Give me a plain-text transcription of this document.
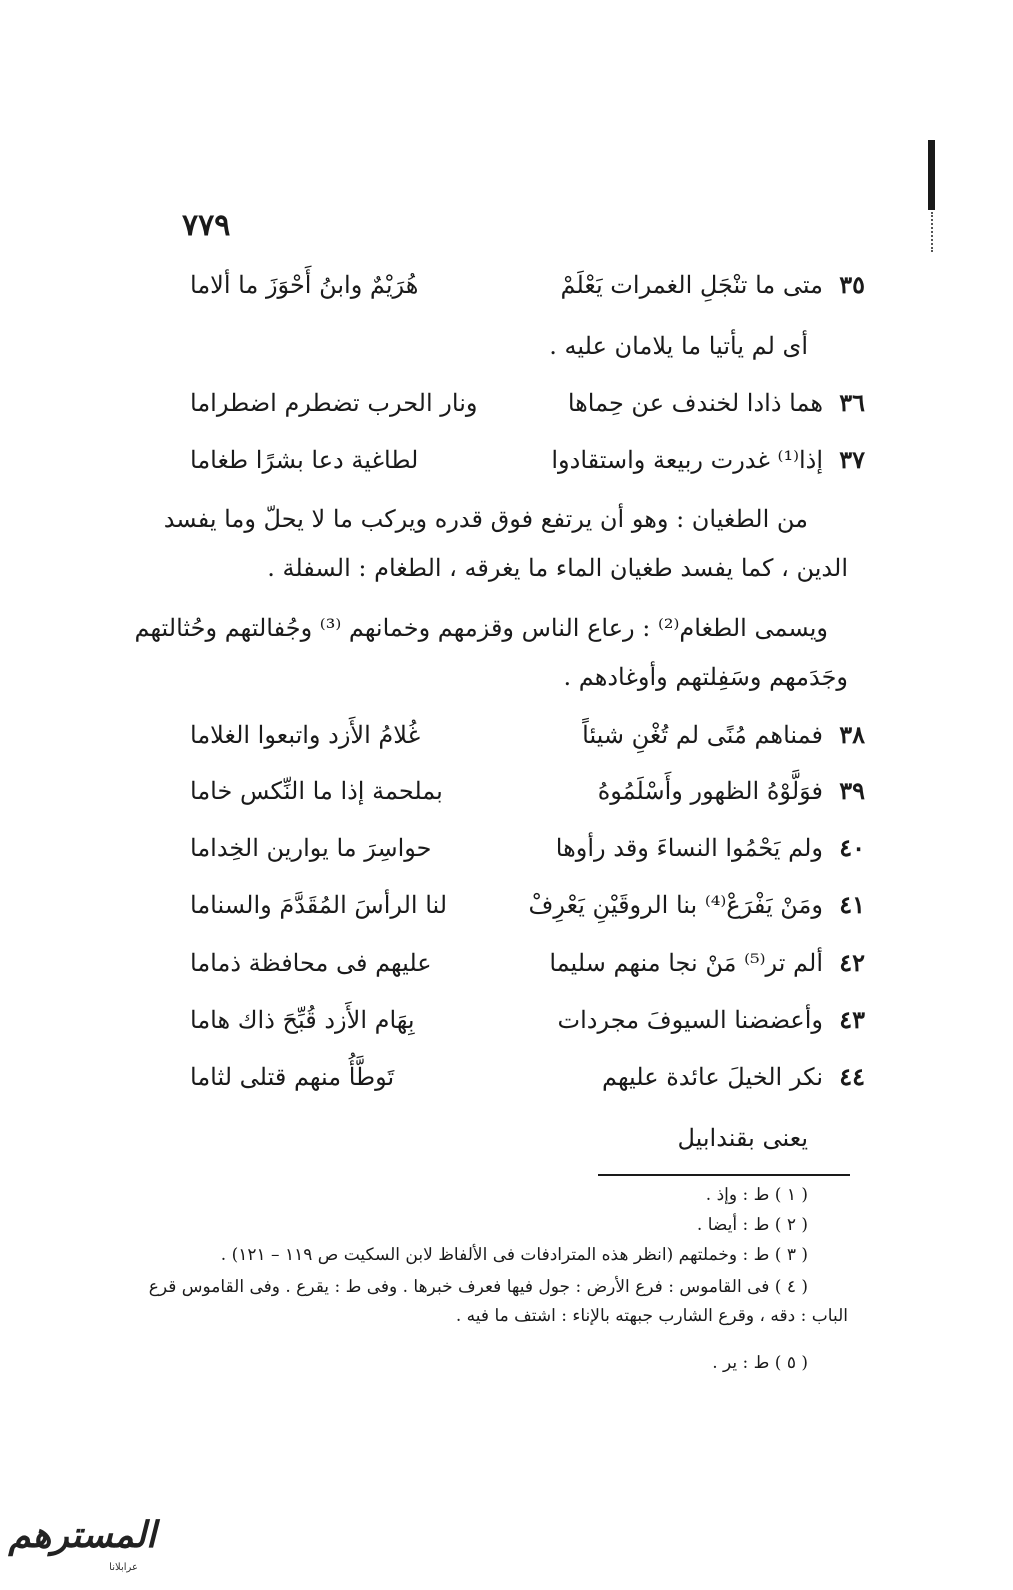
٧٧٩
٣٥
متى ما تنْجَلِ الغمرات يَعْلَمْ
هُرَيْمٌ وابنُ أَحْوَزَ ما ألاما
أى لم يأتيا ما يلامان عليه .
٣٦
هما ذادا لخندف عن حِماها
ونار الحرب تضطرم اضطراما
٣٧
إذا⁽¹⁾ غدرت ربيعة واستقادوا
لطاغية دعا بشرًا طغاما
من الطغيان : وهو أن يرتفع فوق قدره ويركب ما لا يحلّ وما يفسد
الدين ، كما يفسد طغيان الماء ما يغرقه ، الطغام : السفلة .
ويسمى الطغام⁽²⁾ : رعاع الناس وقزمهم وخمانهم ⁽³⁾ وجُفالتهم وحُثالتهم
وجَدَمهم وسَفِلتهم وأوغادهم .
٣٨
فمناهم مُنًى لم تُغْنِ شيئاً
غُلامُ الأَزد واتبعوا الغلاما
٣٩
فوَلَّوْهُ الظهور وأَسْلَمُوهُ
بملحمة إذا ما النِّكس خاما
٤٠
ولم يَحْمُوا النساءَ وقد رأوها
حواسِرَ ما يوارين الخِداما
٤١
ومَنْ يَفْرَعْ⁽⁴⁾ بنا الروقَيْنِ يَعْرِفْ
لنا الرأسَ المُقَدَّمَ والسناما
٤٢
ألم تر⁽⁵⁾ مَنْ نجا منهم سليما
عليهم فى محافظة ذماما
٤٣
وأعضضنا السيوفَ مجردات
بِهَام الأَزد قُبِّحَ ذاك هاما
٤٤
نكر الخيلَ عائدة عليهم
تَوطَّأُ منهم قتلى لثاما
يعنى بقندابيل
( ١ ) ط : وإذ .
( ٢ ) ط : أيضا .
( ٣ ) ط : وخملتهم (انظر هذه المترادفات فى الألفاظ لابن السكيت ص ١١٩ – ١٢١) .
( ٤ ) فى القاموس : فرع الأرض : جول فيها فعرف خبرها . وفى ط : يقرع . وفى القاموس قرع
الباب : دقه ، وقرع الشارب جبهته بالإناء : اشتف ما فيه .
( ٥ ) ط : ير .
المسترهم
عرابلانا
